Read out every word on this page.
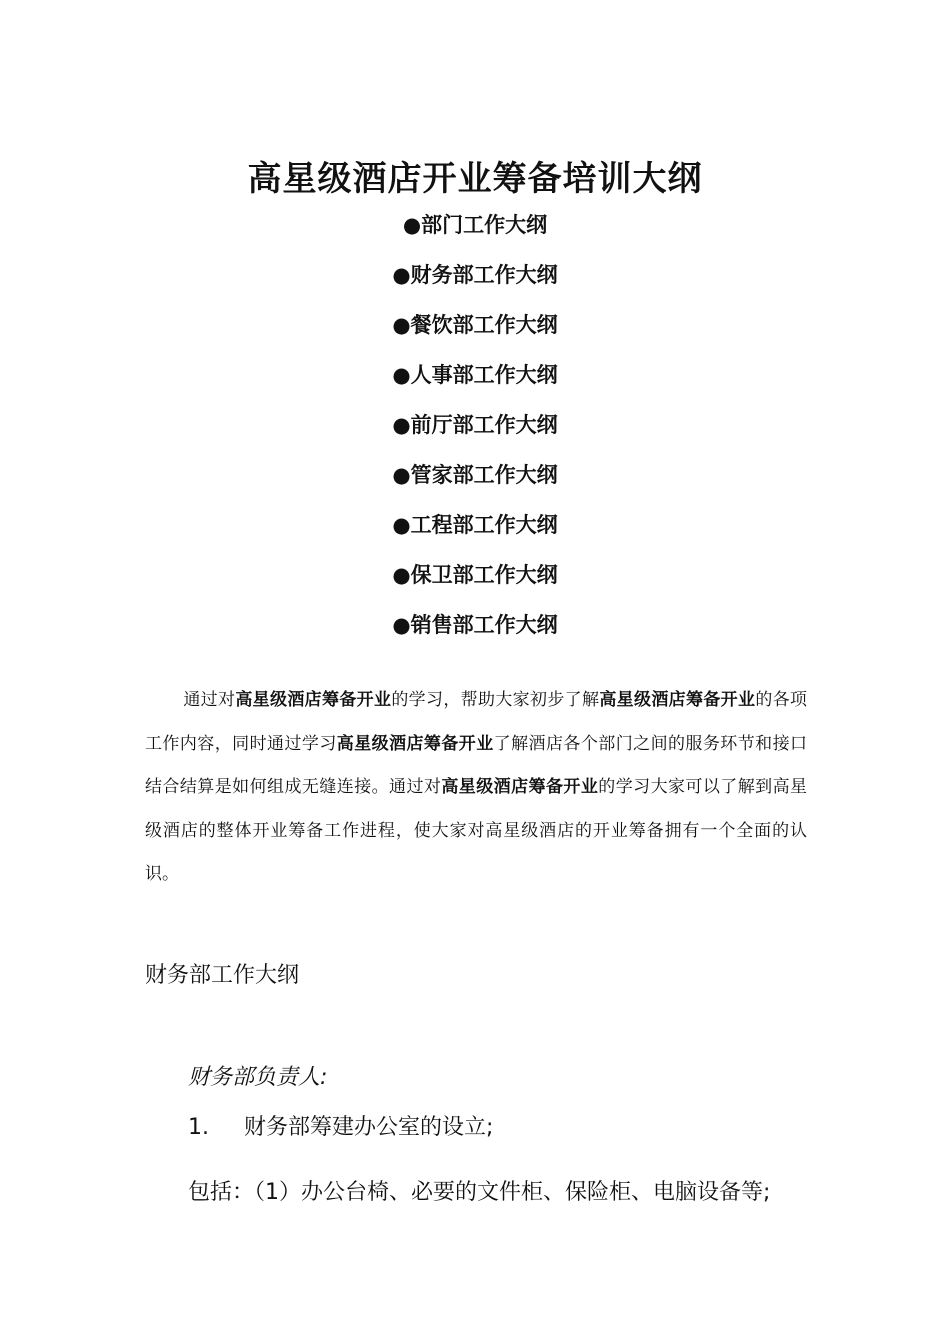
高星级酒店开业筹备培训大纲
●部门工作大纲
●财务部工作大纲
●餐饮部工作大纲
●人事部工作大纲
●前厅部工作大纲
●管家部工作大纲
●工程部工作大纲
●保卫部工作大纲
●销售部工作大纲

通过对高星级酒店筹备开业的学习，帮助大家初步了解高星级酒店筹备开业的各项工作内容，同时通过学习高星级酒店筹备开业了解酒店各个部门之间的服务环节和接口结合结算是如何组成无缝连接。通过对高星级酒店筹备开业的学习大家可以了解到高星级酒店的整体开业筹备工作进程，使大家对高星级酒店的开业筹备拥有一个全面的认识。

财务部工作大纲

财务部负责人:

1. 财务部筹建办公室的设立;

包括：（1）办公台椅、必要的文件柜、保险柜、电脑设备等;
